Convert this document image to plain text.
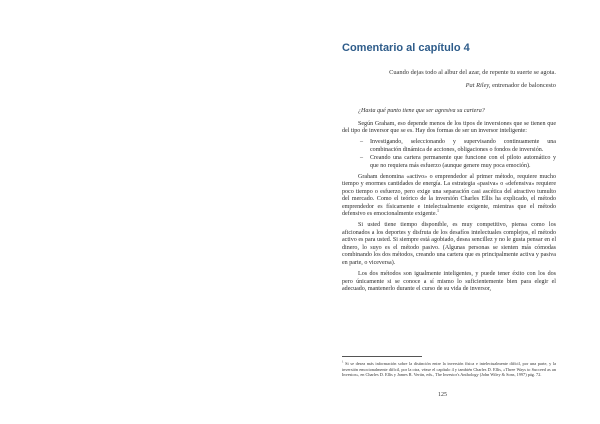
Comentario al capítulo 4
Cuando dejas todo al albur del azar, de repente tu suerte se agota.
Pat Riley, entrenador de baloncesto

¿Hasta qué punto tiene que ser agresiva su cartera?

Según Graham, eso depende menos de los tipos de inversiones que se tienen que del tipo de inversor que se es. Hay dos formas de ser un inversor inteligente:

– Investigando, seleccionando y supervisando continuamente una combinación dinámica de acciones, obligaciones o fondos de inversión.
– Creando una cartera permanente que funcione con el piloto automático y que no requiera más esfuerzo (aunque genere muy poca emoción).

Graham denomina «activo» o emprendedor al primer método, requiere mucho tiempo y enormes cantidades de energía. La estrategia «pasiva» o «defensiva» requiere poco tiempo o esfuerzo, pero exige una separación casi ascética del atractivo tumulto del mercado. Como el teórico de la inversión Charles Ellis ha explicado, el método emprendedor es físicamente e intelectualmente exigente, mientras que el método defensivo es emocionalmente exigente.$^1$

Si usted tiene tiempo disponible, es muy competitivo, piensa como los aficionados a los deportes y disfruta de los desafíos intelectuales complejos, el método activo es para usted. Si siempre está agobiado, desea sencillez y no le gusta pensar en el dinero, lo suyo es el método pasivo. (Algunas personas se sienten más cómodas combinando los dos métodos, creando una cartera que es principalmente activa y pasiva en parte, o viceversa).

Los dos métodos son igualmente inteligentes, y puede tener éxito con los dos pero únicamente si se conoce a sí mismo lo suficientemente bien para elegir el adecuado, mantenerlo durante el curso de su vida de inversor,

$^1$ Si se desea más información sobre la distinción entre la inversión física e intelectualmente difícil, por una parte, y la inversión emocionalmente difícil, por la otra, véase el capítulo 4 y también Charles D. Ellis, «Three Ways to Succeed as an Investor», en Charles D. Ellis y James R. Vertin, eds., The Investor's Anthology (John Wiley & Sons, 1997) pág. 72.
125
